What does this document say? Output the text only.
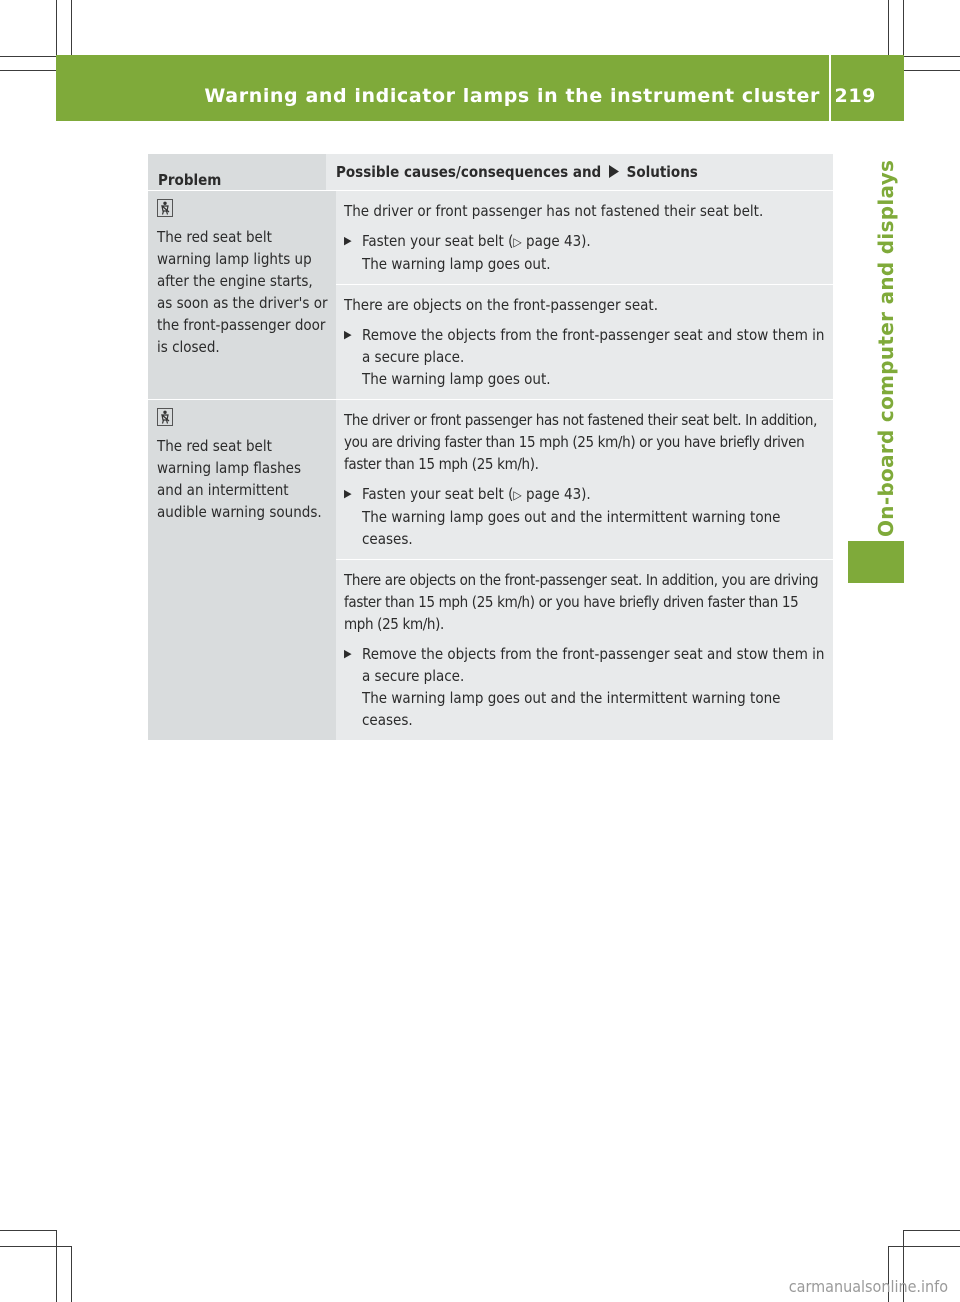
Warning and indicator lamps in the instrument cluster 219
On-board computer and displays
Problem	Possible causes/consequences and Solutions
The red seat belt warning lamp lights up after the engine starts, as soon as the driver's or the front-passenger door is closed.

The driver or front passenger has not fastened their seat belt.

▶ Fasten your seat belt (▷ page 43).
The warning lamp goes out.

There are objects on the front-passenger seat.

▶ Remove the objects from the front-passenger seat and stow them in a secure place.
The warning lamp goes out.
The red seat belt warning lamp flashes and an intermittent audible warning sounds.

The driver or front passenger has not fastened their seat belt. In addition, you are driving faster than 15 mph (25 km/h) or you have briefly driven faster than 15 mph (25 km/h).

▶ Fasten your seat belt (▷ page 43).
The warning lamp goes out and the intermittent warning tone ceases.

There are objects on the front-passenger seat. In addition, you are driving faster than 15 mph (25 km/h) or you have briefly driven faster than 15 mph (25 km/h).

▶ Remove the objects from the front-passenger seat and stow them in a secure place.
The warning lamp goes out and the intermittent warning tone ceases.
carmanualsonline.info
